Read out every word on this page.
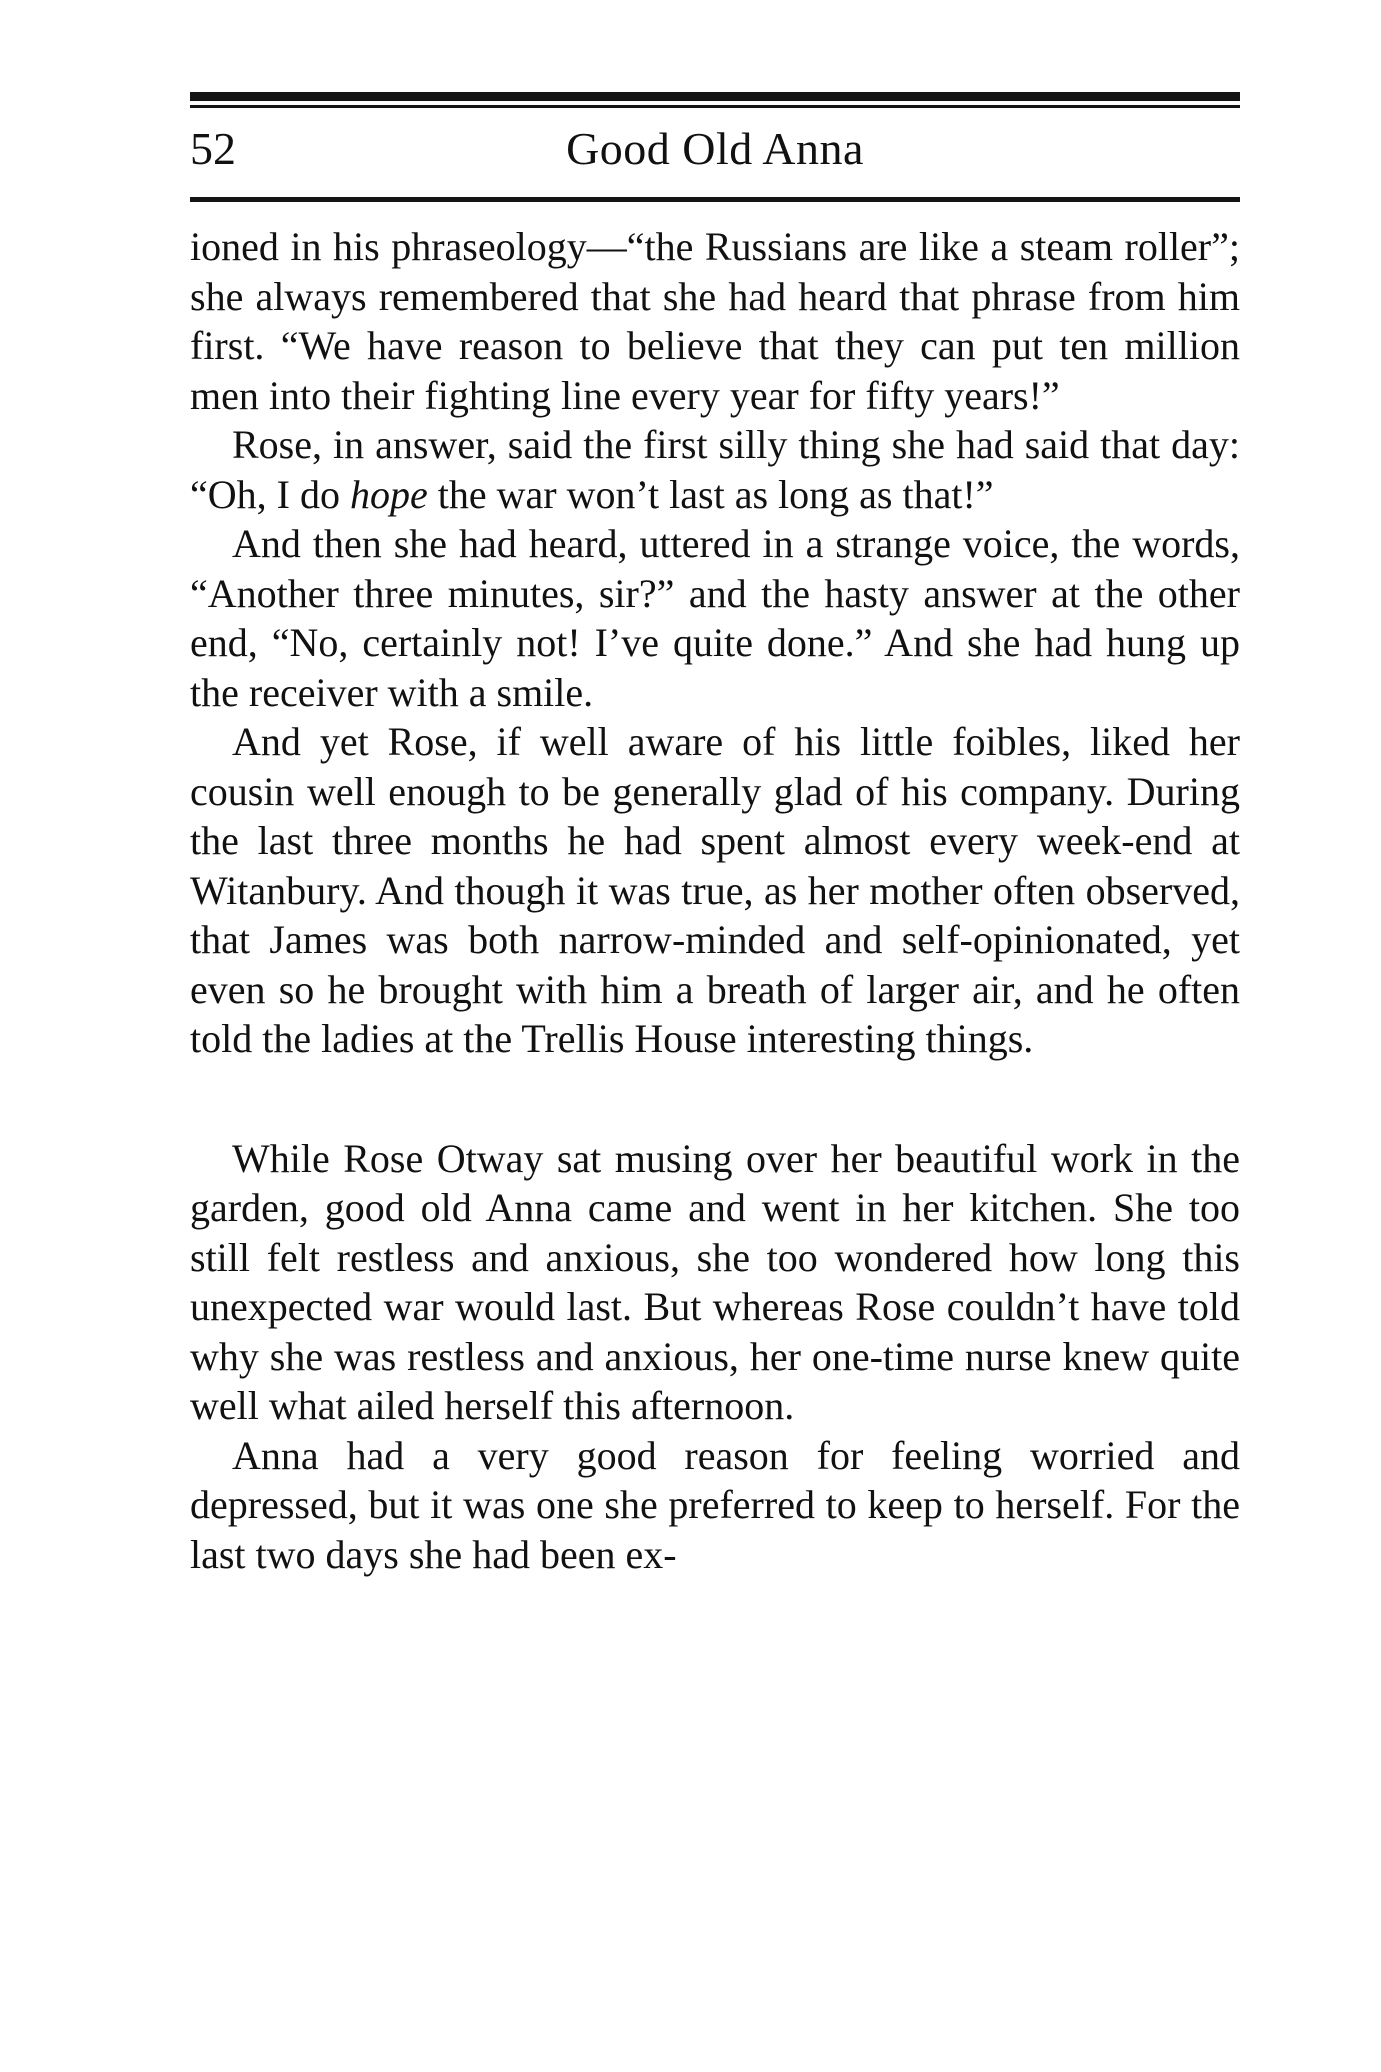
52	Good Old Anna

ioned in his phraseology—“the Russians are like a steam roller”; she always remembered that she had heard that phrase from him first. “We have reason to believe that they can put ten million men into their fighting line every year for fifty years!”

Rose, in answer, said the first silly thing she had said that day: “Oh, I do hope the war won’t last as long as that!”

And then she had heard, uttered in a strange voice, the words, “Another three minutes, sir?” and the hasty answer at the other end, “No, certainly not! I’ve quite done.” And she had hung up the receiver with a smile.

And yet Rose, if well aware of his little foibles, liked her cousin well enough to be generally glad of his company. During the last three months he had spent almost every week-end at Witanbury. And though it was true, as her mother often observed, that James was both narrow-minded and self-opinionated, yet even so he brought with him a breath of larger air, and he often told the ladies at the Trellis House interesting things.

While Rose Otway sat musing over her beautiful work in the garden, good old Anna came and went in her kitchen. She too still felt restless and anxious, she too wondered how long this unexpected war would last. But whereas Rose couldn’t have told why she was restless and anxious, her one-time nurse knew quite well what ailed herself this afternoon.

Anna had a very good reason for feeling worried and depressed, but it was one she preferred to keep to herself. For the last two days she had been ex-
